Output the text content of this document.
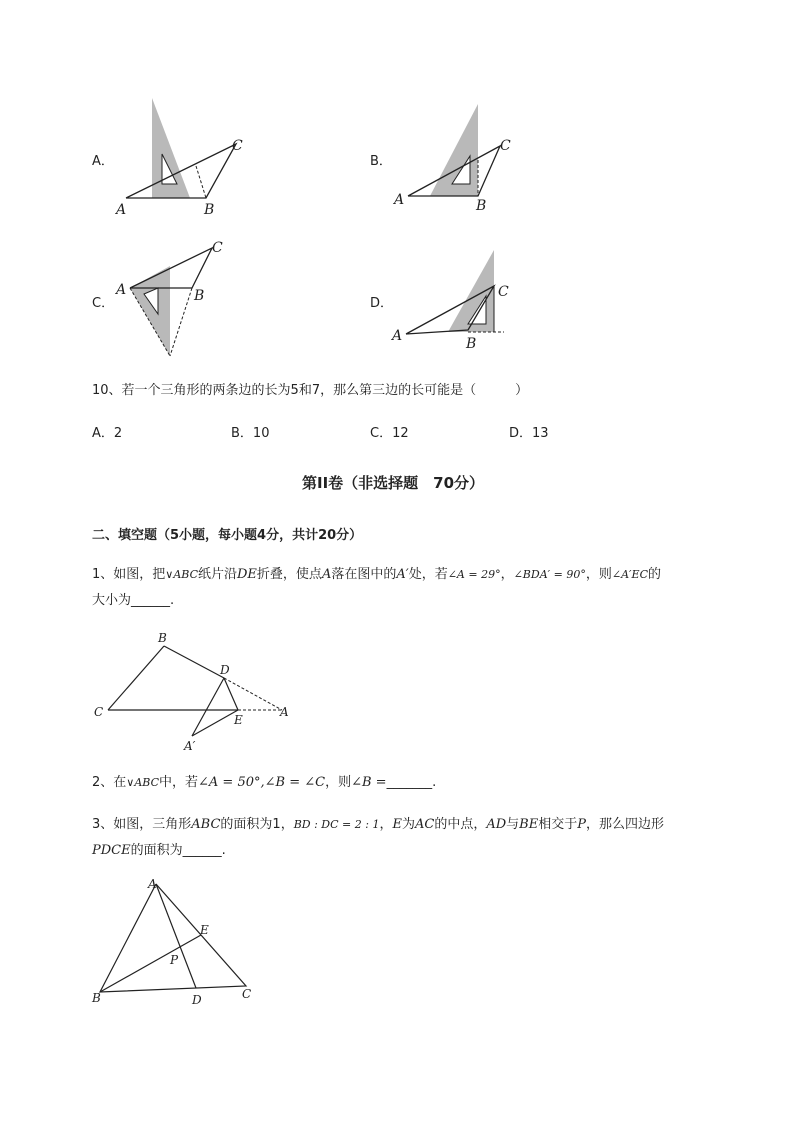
A．
A	B
C
B．
A	B
C
C．
A	B
C
D．
A	B
C
10、若一个三角形的两条边的长为5和7，那么第三边的长可能是（　　　）
A．2	B．10	C．12	D．13
第II卷（非选择题　70分）
二、填空题（5小题，每小题4分，共计20分）
1、如图，把∨ABC纸片沿DE折叠，使点A落在图中的A′处，若∠A = 29°，∠BDA′ = 90°，则∠A′EC的
大小为______.
B
D
C
E
A
A′
2、在∨ABC中，若∠A = 50°,∠B = ∠C，则∠B =_______.
3、如图，三角形ABC的面积为1，BD : DC = 2 : 1，E为AC的中点，AD与BE相交于P，那么四边形
PDCE的面积为______.
A
E
P
B	D	C
